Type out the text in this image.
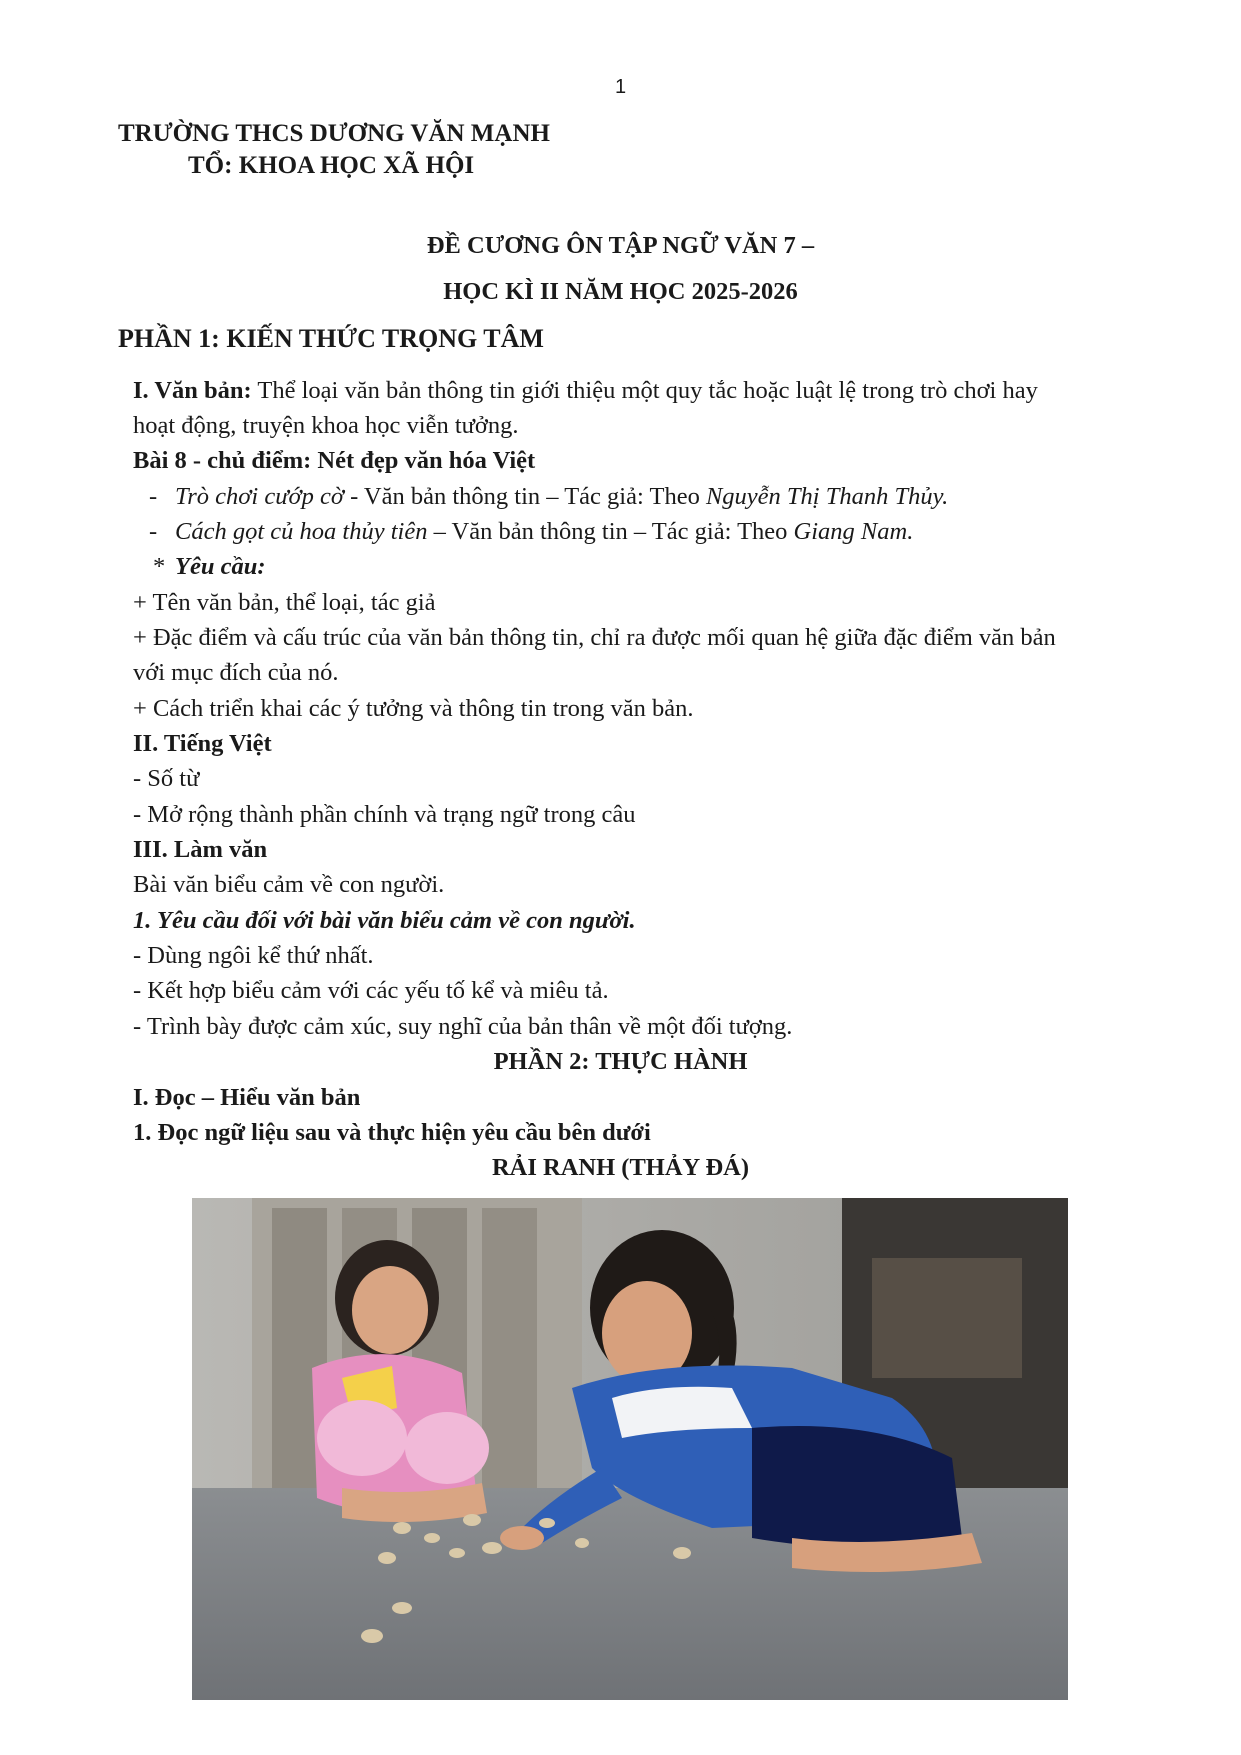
1
TRƯỜNG THCS DƯƠNG VĂN MẠNH
TỔ: KHOA HỌC XÃ HỘI
ĐỀ CƯƠNG ÔN TẬP NGỮ VĂN 7 –
HỌC KÌ II NĂM HỌC 2025-2026
PHẦN 1: KIẾN THỨC TRỌNG TÂM
I. Văn bản: Thể loại văn bản thông tin giới thiệu một quy tắc hoặc luật lệ trong trò chơi hay
hoạt động, truyện khoa học viễn tưởng.
Bài 8 - chủ điểm: Nét đẹp văn hóa Việt
- Trò chơi cướp cờ - Văn bản thông tin – Tác giả: Theo Nguyễn Thị Thanh Thủy.
- Cách gọt củ hoa thủy tiên – Văn bản thông tin – Tác giả: Theo Giang Nam.
* Yêu cầu:
+ Tên văn bản, thể loại, tác giả
+ Đặc điểm và cấu trúc của văn bản thông tin, chỉ ra được mối quan hệ giữa đặc điểm văn bản
với mục đích của nó.
+ Cách triển khai các ý tưởng và thông tin trong văn bản.
II. Tiếng Việt
- Số từ
- Mở rộng thành phần chính và trạng ngữ trong câu
III. Làm văn
Bài văn biểu cảm về con người.
1. Yêu cầu đối với bài văn biểu cảm về con người.
- Dùng ngôi kể thứ nhất.
- Kết hợp biểu cảm với các yếu tố kể và miêu tả.
- Trình bày được cảm xúc, suy nghĩ của bản thân về một đối tượng.
PHẦN 2: THỰC HÀNH
I. Đọc – Hiểu văn bản
1. Đọc ngữ liệu sau và thực hiện yêu cầu bên dưới
RẢI RANH (THẢY ĐÁ)
